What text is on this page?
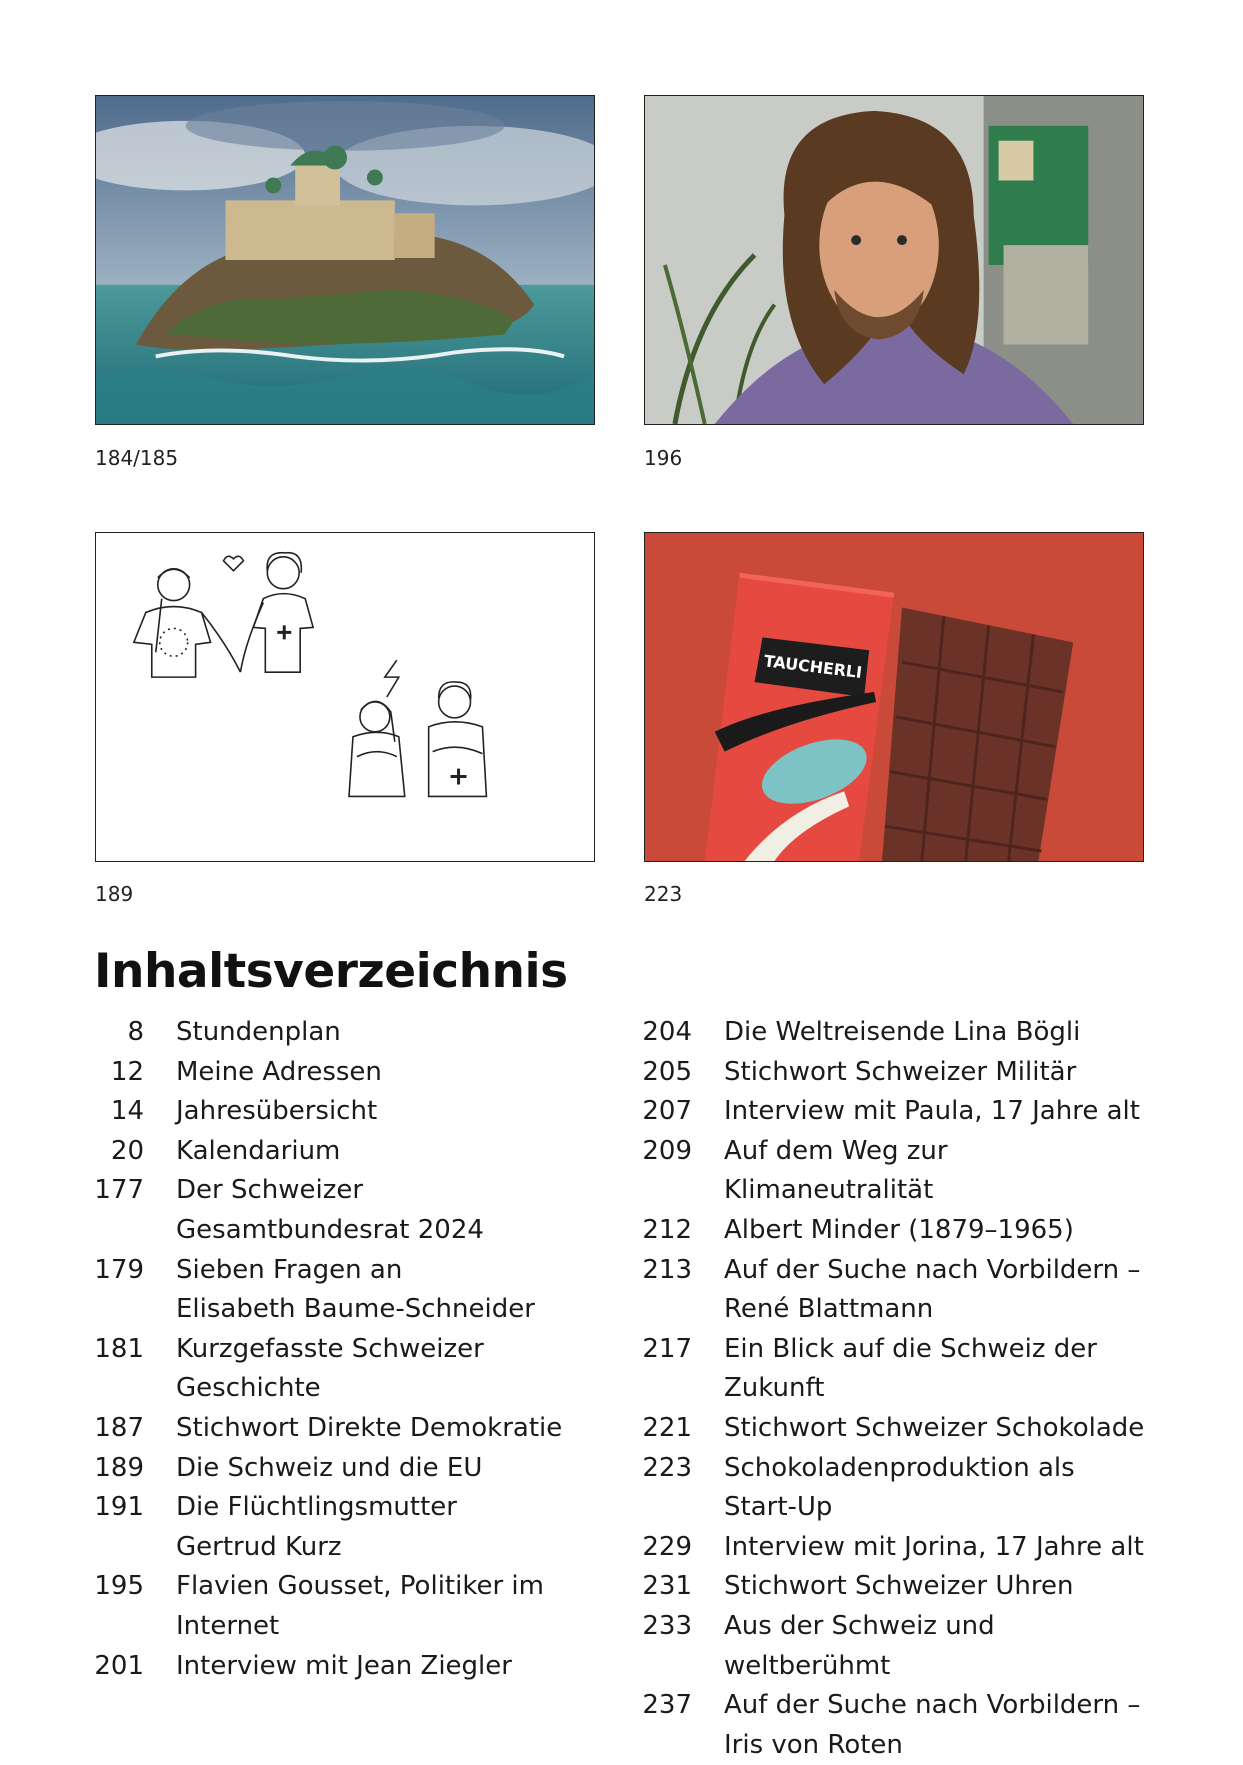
184/185	196
189
TAUCHERLI
223
Inhaltsverzeichnis
8 Stundenplan
12 Meine Adressen
14 Jahresübersicht
20 Kalendarium
177 Der Schweizer
Gesamtbundesrat 2024
179 Sieben Fragen an
Elisabeth Baume-Schneider
181 Kurzgefasste Schweizer
Geschichte
187 Stichwort Direkte Demokratie
189 Die Schweiz und die EU
191 Die Flüchtlingsmutter
Gertrud Kurz
195 Flavien Gousset, Politiker im
Internet
201 Interview mit Jean Ziegler
204 Die Weltreisende Lina Bögli
205 Stichwort Schweizer Militär
207 Interview mit Paula, 17 Jahre alt
209 Auf dem Weg zur Klimaneutralität
212 Albert Minder (1879–1965)
213 Auf der Suche nach Vorbildern –
René Blattmann
217 Ein Blick auf die Schweiz der
Zukunft
221 Stichwort Schweizer Schokolade
223 Schokoladenproduktion als
Start-Up
229 Interview mit Jorina, 17 Jahre alt
231 Stichwort Schweizer Uhren
233 Aus der Schweiz und weltberühmt
237 Auf der Suche nach Vorbildern –
Iris von Roten
